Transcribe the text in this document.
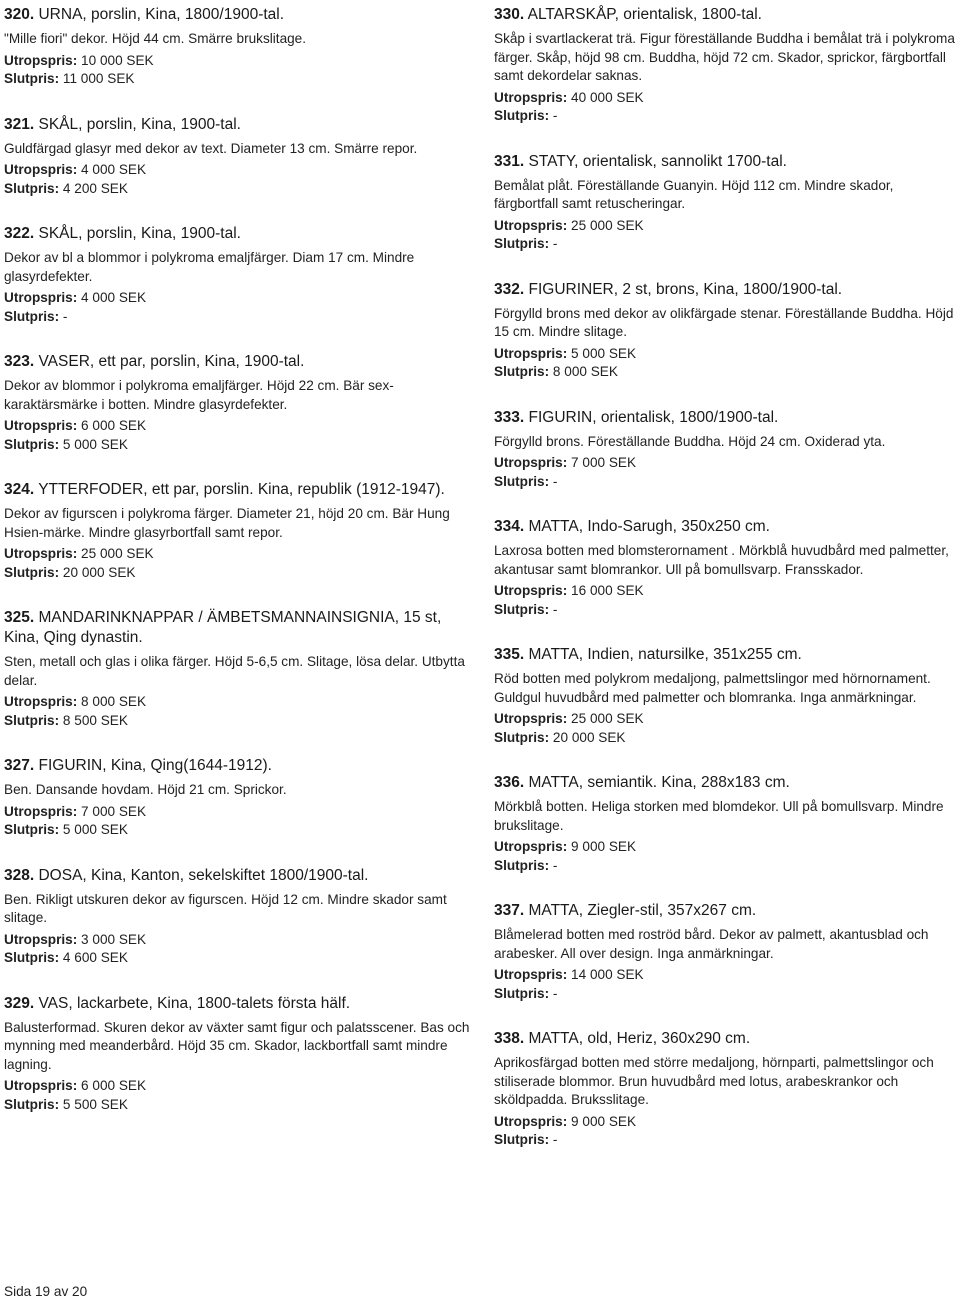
320. URNA, porslin, Kina, 1800/1900-tal.
"Mille fiori" dekor. Höjd 44 cm. Smärre brukslitage.
Utropspris: 10 000 SEK
Slutpris: 11 000 SEK
321. SKÅL, porslin, Kina, 1900-tal.
Guldfärgad glasyr med dekor av text. Diameter 13 cm. Smärre repor.
Utropspris: 4 000 SEK
Slutpris: 4 200 SEK
322. SKÅL, porslin, Kina, 1900-tal.
Dekor av bl a blommor i polykroma emaljfärger. Diam 17 cm. Mindre glasyrdefekter.
Utropspris: 4 000 SEK
Slutpris: -
323. VASER, ett par, porslin, Kina, 1900-tal.
Dekor av blommor i polykroma emaljfärger. Höjd 22 cm. Bär sex-karaktärsmärke i botten. Mindre glasyrdefekter.
Utropspris: 6 000 SEK
Slutpris: 5 000 SEK
324. YTTERFODER, ett par, porslin. Kina, republik (1912-1947).
Dekor av figurscen i polykroma färger. Diameter 21, höjd 20 cm. Bär Hung Hsien-märke. Mindre glasyrbortfall samt repor.
Utropspris: 25 000 SEK
Slutpris: 20 000 SEK
325. MANDARINKNAPPAR / ÄMBETSMANNAINSIGNIA, 15 st, Kina, Qing dynastin.
Sten, metall och glas i olika färger. Höjd 5-6,5 cm. Slitage, lösa delar. Utbytta delar.
Utropspris: 8 000 SEK
Slutpris: 8 500 SEK
327. FIGURIN, Kina, Qing(1644-1912).
Ben. Dansande hovdam. Höjd 21 cm. Sprickor.
Utropspris: 7 000 SEK
Slutpris: 5 000 SEK
328. DOSA, Kina, Kanton, sekelskiftet 1800/1900-tal.
Ben. Rikligt utskuren dekor av figurscen. Höjd 12 cm. Mindre skador samt slitage.
Utropspris: 3 000 SEK
Slutpris: 4 600 SEK
329. VAS, lackarbete, Kina, 1800-talets första hälf.
Balusterformad. Skuren dekor av växter samt figur och palatsscener. Bas och mynning med meanderbård. Höjd 35 cm. Skador, lackbortfall samt mindre lagning.
Utropspris: 6 000 SEK
Slutpris: 5 500 SEK
330. ALTARSKÅP, orientalisk, 1800-tal.
Skåp i svartlackerat trä. Figur föreställande Buddha i bemålat trä i polykroma färger. Skåp, höjd 98 cm. Buddha, höjd 72 cm. Skador, sprickor, färgbortfall samt dekordelar saknas.
Utropspris: 40 000 SEK
Slutpris: -
331. STATY, orientalisk, sannolikt 1700-tal.
Bemålat plåt. Föreställande Guanyin. Höjd 112 cm. Mindre skador, färgbortfall samt retuscheringar.
Utropspris: 25 000 SEK
Slutpris: -
332. FIGURINER, 2 st, brons, Kina, 1800/1900-tal.
Förgylld brons med dekor av olikfärgade stenar. Föreställande Buddha. Höjd 15 cm. Mindre slitage.
Utropspris: 5 000 SEK
Slutpris: 8 000 SEK
333. FIGURIN, orientalisk, 1800/1900-tal.
Förgylld brons. Föreställande Buddha. Höjd 24 cm. Oxiderad yta.
Utropspris: 7 000 SEK
Slutpris: -
334. MATTA, Indo-Sarugh, 350x250 cm.
Laxrosa botten med blomsterornament . Mörkblå huvudbård med palmetter, akantusar samt blomrankor. Ull på bomullsvarp. Fransskador.
Utropspris: 16 000 SEK
Slutpris: -
335. MATTA, Indien, natursilke, 351x255 cm.
Röd botten med polykrom medaljong, palmettslingor med hörnornament. Guldgul huvudbård med palmetter och blomranka. Inga anmärkningar.
Utropspris: 25 000 SEK
Slutpris: 20 000 SEK
336. MATTA, semiantik. Kina, 288x183 cm.
Mörkblå botten. Heliga storken med blomdekor. Ull på bomullsvarp. Mindre brukslitage.
Utropspris: 9 000 SEK
Slutpris: -
337. MATTA, Ziegler-stil, 357x267 cm.
Blåmelerad botten med roströd bård. Dekor av palmett, akantusblad och arabesker. All over design. Inga anmärkningar.
Utropspris: 14 000 SEK
Slutpris: -
338. MATTA, old, Heriz, 360x290 cm.
Aprikosfärgad botten med större medaljong, hörnparti, palmettslingor och stiliserade blommor. Brun huvudbård med lotus, arabeskrankor och sköldpadda. Bruksslitage.
Utropspris: 9 000 SEK
Slutpris: -
Sida 19 av 20
